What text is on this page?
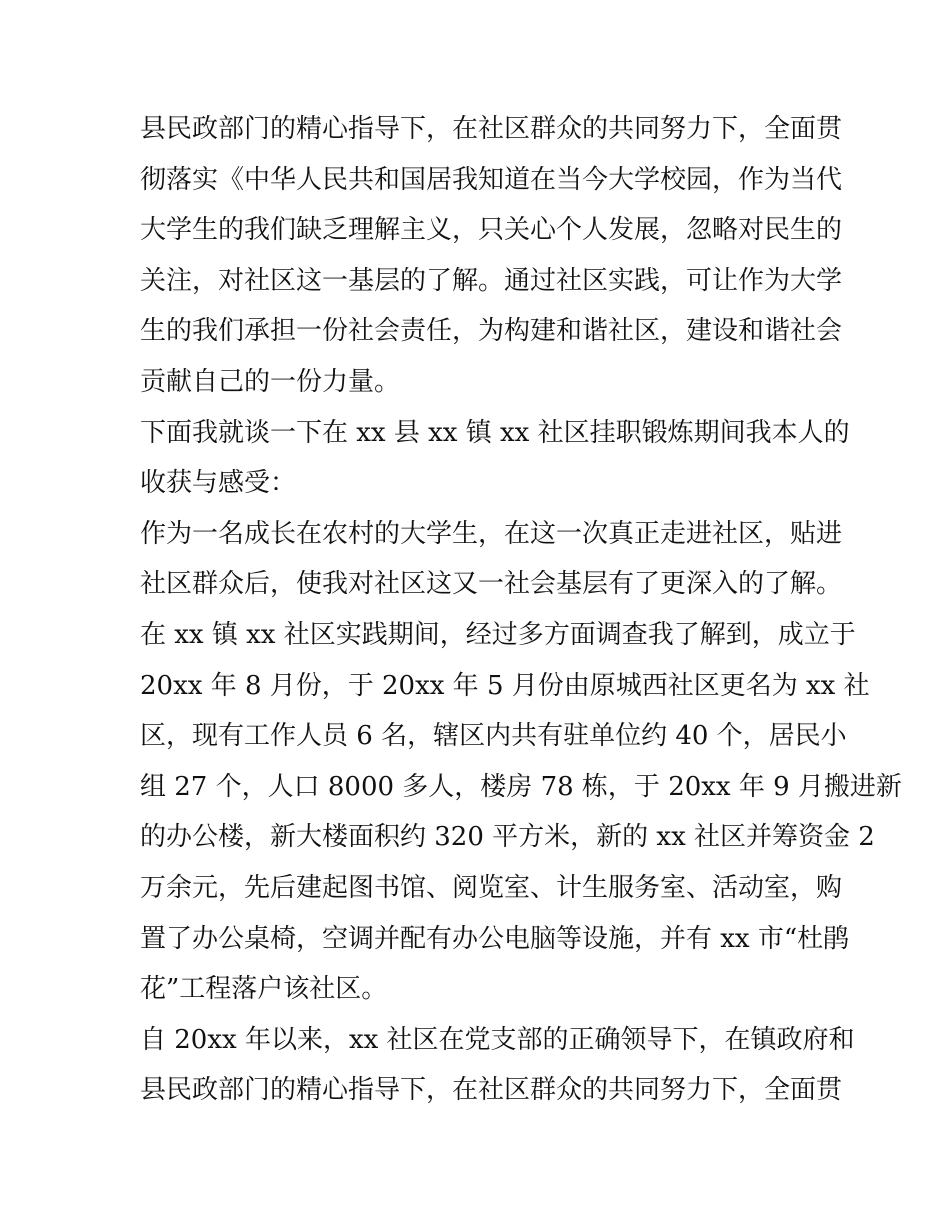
县民政部门的精心指导下，在社区群众的共同努力下，全面贯
彻落实《中华人民共和国居我知道在当今大学校园，作为当代
大学生的我们缺乏理解主义，只关心个人发展，忽略对民生的
关注，对社区这一基层的了解。通过社区实践，可让作为大学
生的我们承担一份社会责任，为构建和谐社区，建设和谐社会
贡献自己的一份力量。
下面我就谈一下在 xx 县 xx 镇 xx 社区挂职锻炼期间我本人的
收获与感受：
作为一名成长在农村的大学生，在这一次真正走进社区，贴进
社区群众后，使我对社区这又一社会基层有了更深入的了解。
在 xx 镇 xx 社区实践期间，经过多方面调查我了解到，成立于
20xx 年 8 月份，于 20xx 年 5 月份由原城西社区更名为 xx 社
区，现有工作人员 6 名，辖区内共有驻单位约 40 个，居民小
组 27 个，人口 8000 多人，楼房 78 栋，于 20xx 年 9 月搬进新
的办公楼，新大楼面积约 320 平方米，新的 xx 社区并筹资金 2
万余元，先后建起图书馆、阅览室、计生服务室、活动室，购
置了办公桌椅，空调并配有办公电脑等设施，并有 xx 市“杜鹃
花”工程落户该社区。
自 20xx 年以来，xx 社区在党支部的正确领导下，在镇政府和
县民政部门的精心指导下，在社区群众的共同努力下，全面贯
